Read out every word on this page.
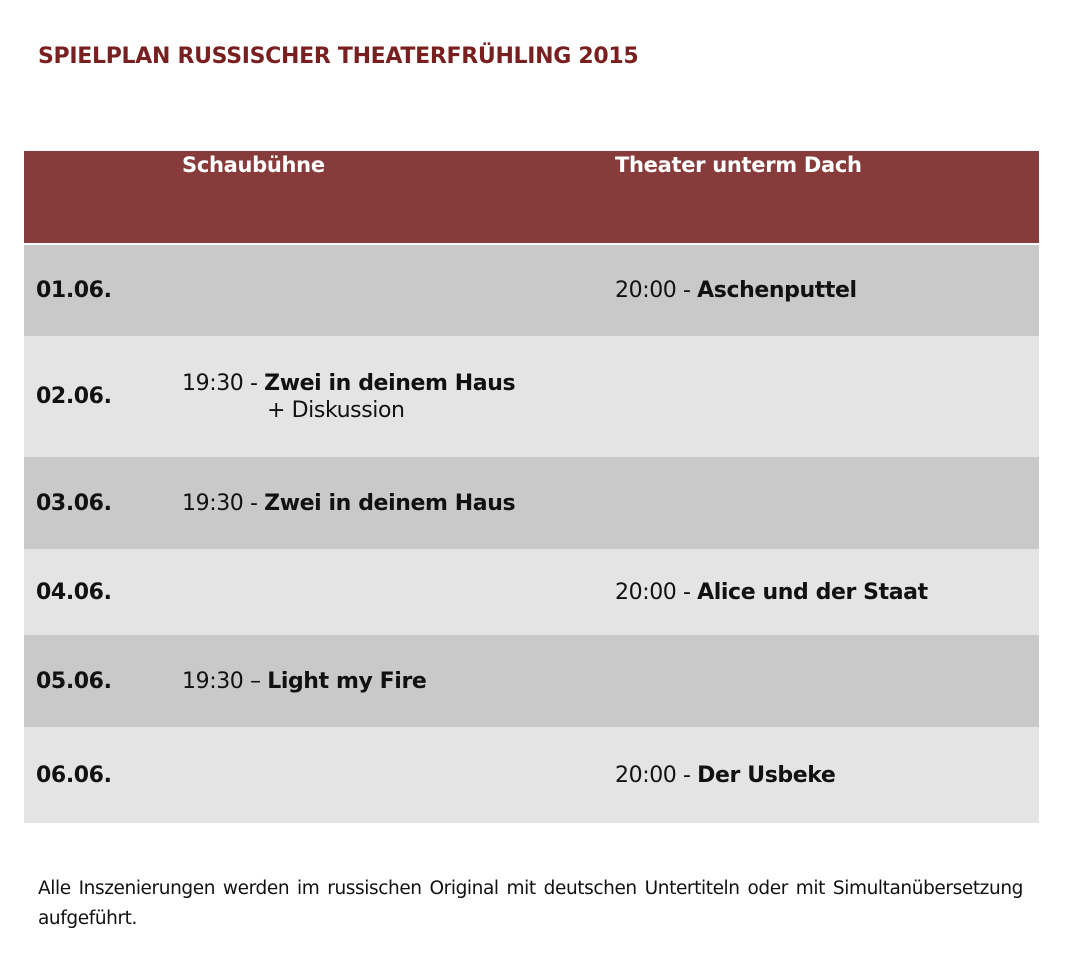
SPIELPLAN RUSSISCHER THEATERFRÜHLING 2015
	Schaubühne	Theater unterm Dach
01.06.		20:00 - Aschenputtel
02.06.	19:30 - Zwei in deinem Haus
+ Diskussion	

03.06.	19:30 - Zwei in deinem Haus	
04.06.		20:00 - Alice und der Staat
05.06.	19:30 – Light my Fire	
06.06.		20:00 - Der Usbeke
Alle Inszenierungen werden im russischen Original mit deutschen Untertiteln oder mit Simultanübersetzung aufgeführt.
